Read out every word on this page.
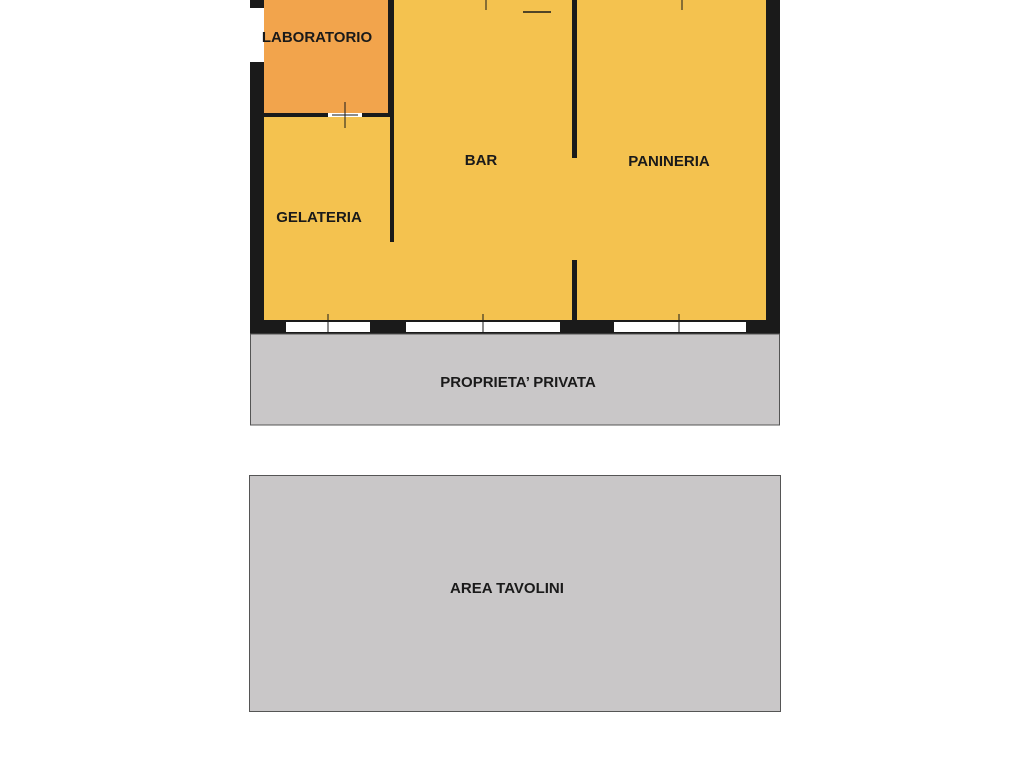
LABORATORIO
GELATERIA
BAR	PANINERIA
PROPRIETA’ PRIVATA
AREA TAVOLINI
